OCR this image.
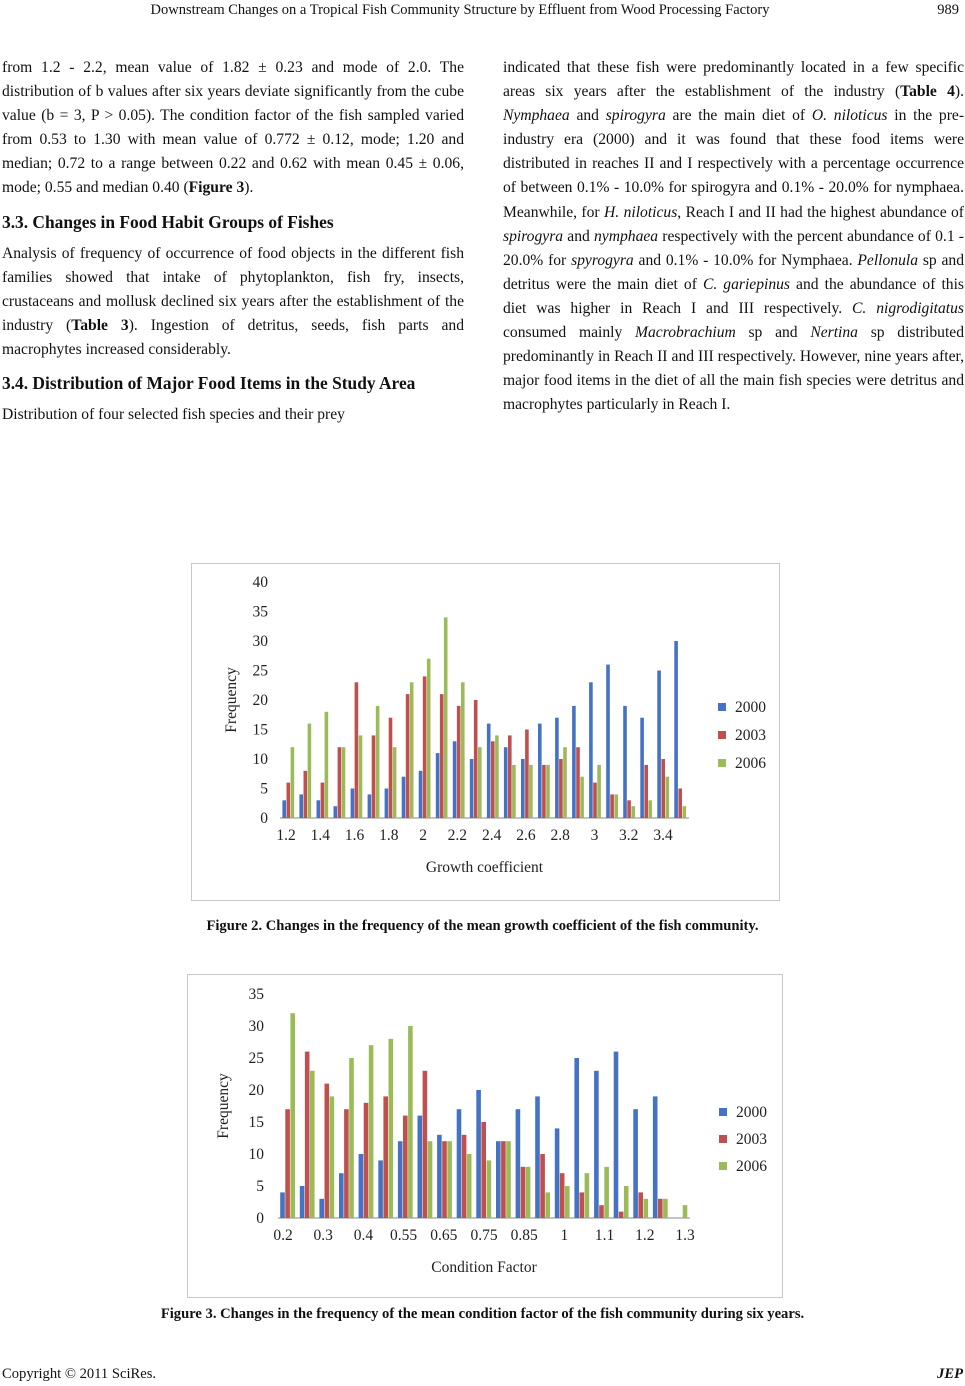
Downstream Changes on a Tropical Fish Community Structure by Effluent from Wood Processing Factory	989

from 1.2 - 2.2, mean value of 1.82 ± 0.23 and mode of 2.0. The distribution of b values after six years deviate significantly from the cube value (b = 3, P > 0.05). The condition factor of the fish sampled varied from 0.53 to 1.30 with mean value of 0.772 ± 0.12, mode; 1.20 and median; 0.72 to a range between 0.22 and 0.62 with mean 0.45 ± 0.06, mode; 0.55 and median 0.40 (Figure 3).

3.3. Changes in Food Habit Groups of Fishes

Analysis of frequency of occurrence of food objects in the different fish families showed that intake of phytoplankton, fish fry, insects, crustaceans and mollusk declined six years after the establishment of the industry (Table 3). Ingestion of detritus, seeds, fish parts and macrophytes increased considerably.

3.4. Distribution of Major Food Items in the Study Area

Distribution of four selected fish species and their prey

indicated that these fish were predominantly located in a few specific areas six years after the establishment of the industry (Table 4). Nymphaea and spirogyra are the main diet of O. niloticus in the pre-industry era (2000) and it was found that these food items were distributed in reaches II and I respectively with a percentage occurrence of between 0.1% - 10.0% for spirogyra and 0.1% - 20.0% for nymphaea. Meanwhile, for H. niloticus, Reach I and II had the highest abundance of spirogyra and nymphaea respectively with the percent abundance of 0.1 - 20.0% for spyrogyra and 0.1% - 10.0% for Nymphaea. Pellonula sp and detritus were the main diet of C. gariepinus and the abundance of this diet was higher in Reach I and III respectively. C. nigrodigitatus consumed mainly Macrobrachium sp and Nertina sp distributed predominantly in Reach II and III respectively. However, nine years after, major food items in the diet of all the main fish species were detritus and macrophytes particularly in Reach I.

0
5
10
15
20
25
30
35
40
1.2 1.4 1.6 1.8 2 2.2 2.4 2.6 2.8 3 3.2 3.4
Growth coefficient
Frequency	2000
2003
2006
Figure 2. Changes in the frequency of the mean growth coefficient of the fish community.
0
5
10
15
20
25
30
35
0.2 0.3 0.4 0.55 0.65 0.75 0.85 1 1.1 1.2 1.3
Condition Factor
Frequency	2000
2003
2006
Figure 3. Changes in the frequency of the mean condition factor of the fish community during six years.
Copyright © 2011 SciRes.	JEP
